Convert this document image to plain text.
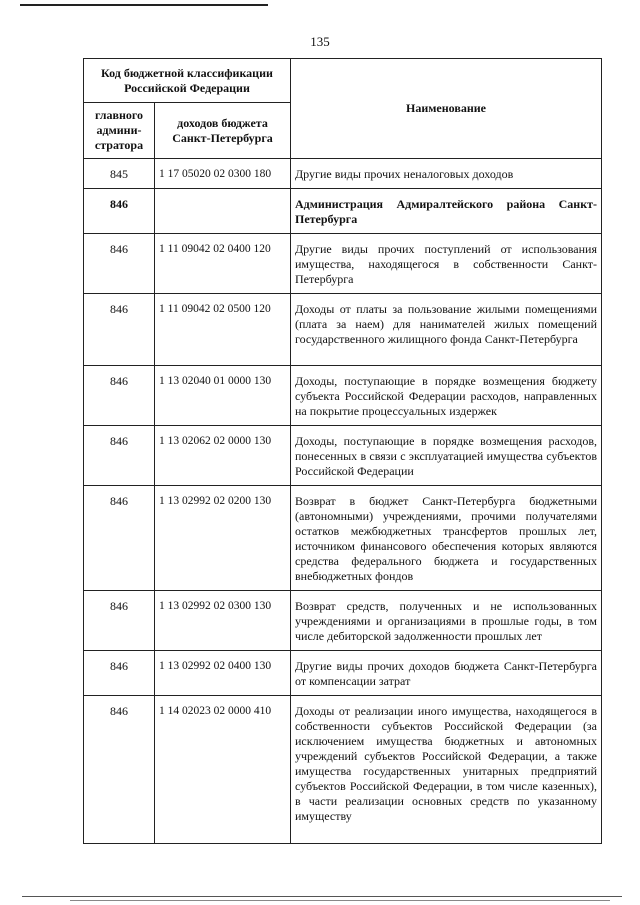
135
Код бюджетной классификации Российской Федерации		Наименование
главного админи-стратора	доходов бюджета Санкт-Петербурга	
845	1 17 05020 02 0300 180	Другие виды прочих неналоговых доходов
846		Администрация Адмиралтейского района Санкт-Петербурга
846	1 11 09042 02 0400 120	Другие виды прочих поступлений от использования имущества, находящегося в собственности Санкт-Петербурга
846	1 11 09042 02 0500 120	Доходы от платы за пользование жилыми помещениями (плата за наем) для нанимателей жилых помещений государственного жилищного фонда Санкт-Петербурга
846	1 13 02040 01 0000 130	Доходы, поступающие в порядке возмещения бюджету субъекта Российской Федерации расходов, направленных на покрытие процессуальных издержек
846	1 13 02062 02 0000 130	Доходы, поступающие в порядке возмещения расходов, понесенных в связи с эксплуатацией имущества субъектов Российской Федерации
846	1 13 02992 02 0200 130	Возврат в бюджет Санкт-Петербурга бюджетными (автономными) учреждениями, прочими получателями остатков межбюджетных трансфертов прошлых лет, источником финансового обеспечения которых являются средства федерального бюджета и государственных внебюджетных фондов
846	1 13 02992 02 0300 130	Возврат средств, полученных и не использованных учреждениями и организациями в прошлые годы, в том числе дебиторской задолженности прошлых лет
846	1 13 02992 02 0400 130	Другие виды прочих доходов бюджета Санкт-Петербурга от компенсации затрат
846	1 14 02023 02 0000 410	Доходы от реализации иного имущества, находящегося в собственности субъектов Российской Федерации (за исключением имущества бюджетных и автономных учреждений субъектов Российской Федерации, а также имущества государственных унитарных предприятий субъектов Российской Федерации, в том числе казенных), в части реализации основных средств по указанному имуществу
